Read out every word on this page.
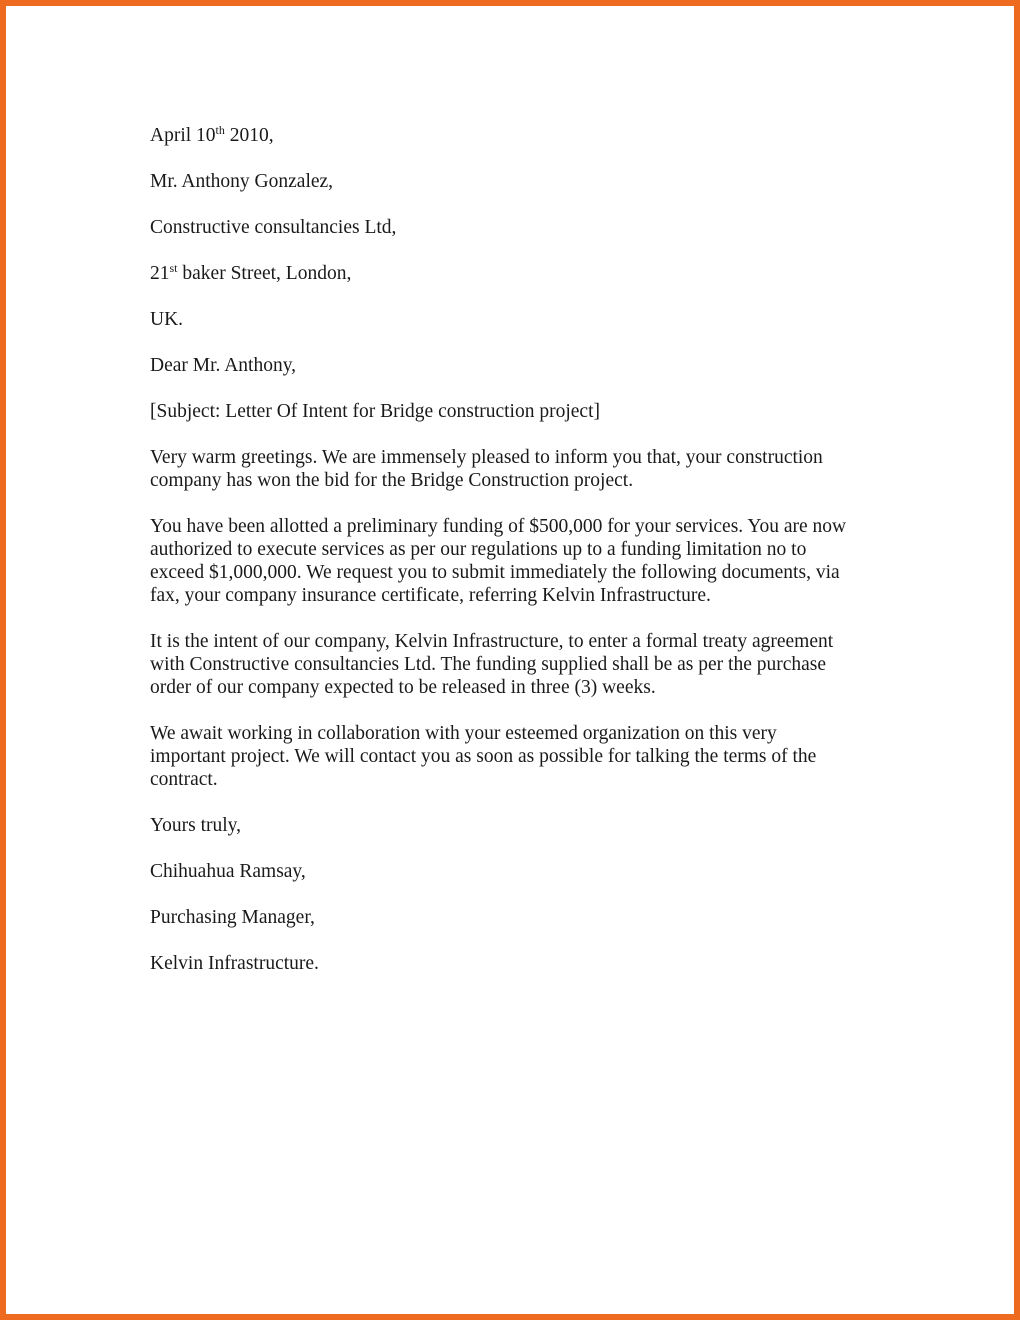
April 10th 2010,

Mr. Anthony Gonzalez,

Constructive consultancies Ltd,

21st baker Street, London,

UK.

Dear Mr. Anthony,

[Subject: Letter Of Intent for Bridge construction project]

Very warm greetings. We are immensely pleased to inform you that, your construction
company has won the bid for the Bridge Construction project.
You have been allotted a preliminary funding of $500,000 for your services. You are now
authorized to execute services as per our regulations up to a funding limitation no to
exceed $1,000,000. We request you to submit immediately the following documents, via
fax, your company insurance certificate, referring Kelvin Infrastructure.
It is the intent of our company, Kelvin Infrastructure, to enter a formal treaty agreement
with Constructive consultancies Ltd. The funding supplied shall be as per the purchase
order of our company expected to be released in three (3) weeks.
We await working in collaboration with your esteemed organization on this very
important project. We will contact you as soon as possible for talking the terms of the
contract.

Yours truly,

Chihuahua Ramsay,

Purchasing Manager,

Kelvin Infrastructure.
